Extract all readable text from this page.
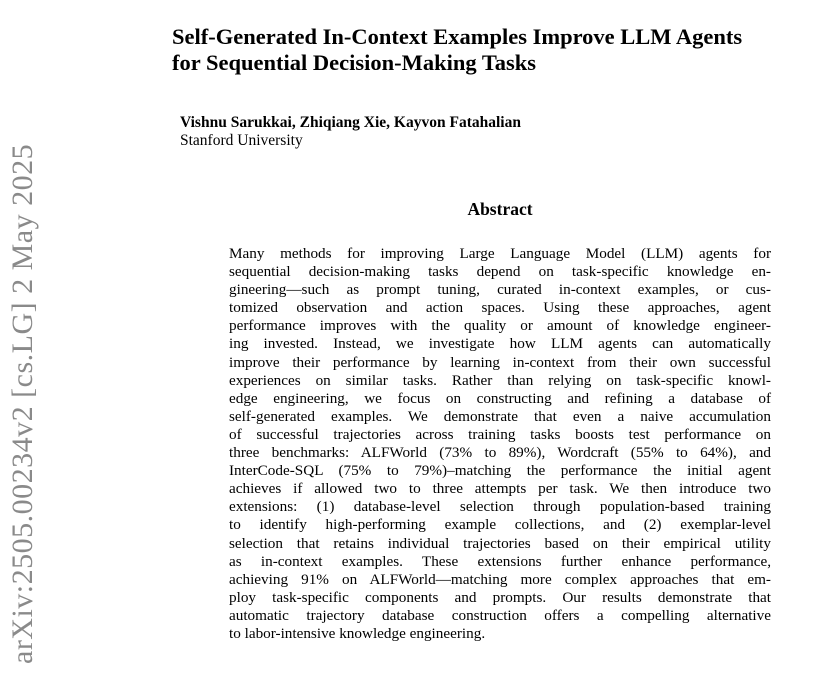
arXiv:2505.00234v2 [cs.LG] 2 May 2025
Self-Generated In-Context Examples Improve LLM Agents
for Sequential Decision-Making Tasks
Vishnu Sarukkai, Zhiqiang Xie, Kayvon Fatahalian
Stanford University
Abstract
Many methods for improving Large Language Model (LLM) agents for
sequential decision-making tasks depend on task-specific knowledge en-
gineering—such as prompt tuning, curated in-context examples, or cus-
tomized observation and action spaces. Using these approaches, agent
performance improves with the quality or amount of knowledge engineer-
ing invested. Instead, we investigate how LLM agents can automatically
improve their performance by learning in-context from their own successful
experiences on similar tasks. Rather than relying on task-specific knowl-
edge engineering, we focus on constructing and refining a database of
self-generated examples. We demonstrate that even a naive accumulation
of successful trajectories across training tasks boosts test performance on
three benchmarks: ALFWorld (73% to 89%), Wordcraft (55% to 64%), and
InterCode-SQL (75% to 79%)–matching the performance the initial agent
achieves if allowed two to three attempts per task. We then introduce two
extensions: (1) database-level selection through population-based training
to identify high-performing example collections, and (2) exemplar-level
selection that retains individual trajectories based on their empirical utility
as in-context examples. These extensions further enhance performance,
achieving 91% on ALFWorld—matching more complex approaches that em-
ploy task-specific components and prompts. Our results demonstrate that
automatic trajectory database construction offers a compelling alternative
to labor-intensive knowledge engineering.
